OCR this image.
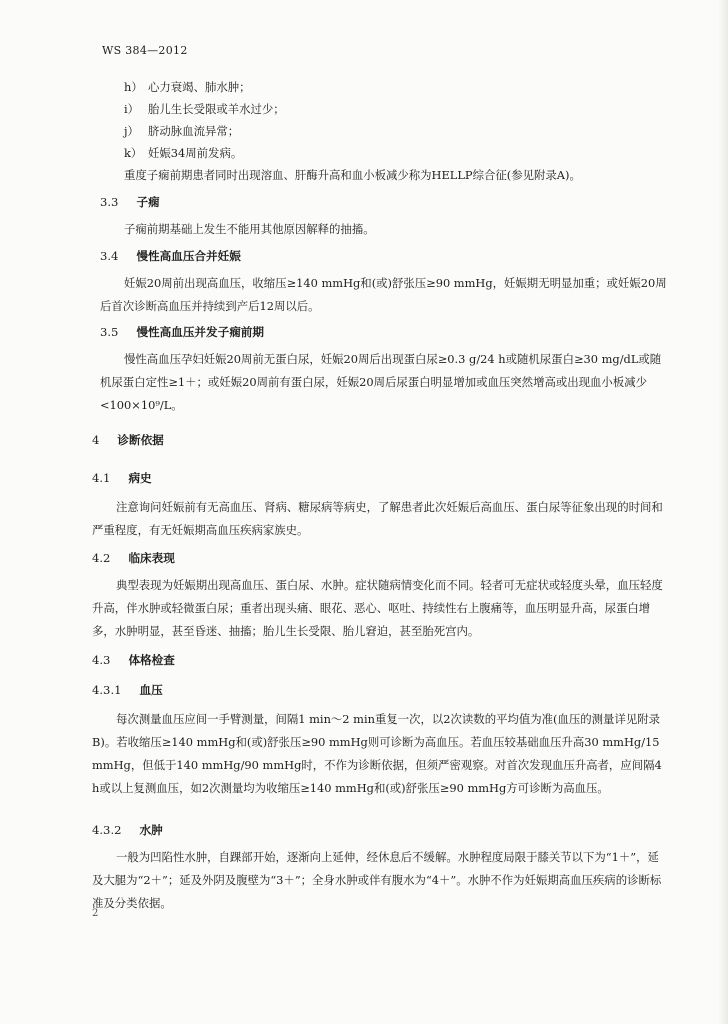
WS 384—2012
h） 心力衰竭、肺水肿；
i） 胎儿生长受限或羊水过少；
j） 脐动脉血流异常；
k） 妊娠34周前发病。
重度子痫前期患者同时出现溶血、肝酶升高和血小板减少称为HELLP综合征(参见附录A)。
3.3 子痫
子痫前期基础上发生不能用其他原因解释的抽搐。
3.4 慢性高血压合并妊娠
妊娠20周前出现高血压，收缩压≥140 mmHg和(或)舒张压≥90 mmHg，妊娠期无明显加重；或妊娠20周后首次诊断高血压并持续到产后12周以后。
3.5 慢性高血压并发子痫前期
慢性高血压孕妇妊娠20周前无蛋白尿，妊娠20周后出现蛋白尿≥0.3 g/24 h或随机尿蛋白≥30 mg/dL或随机尿蛋白定性≥1＋；或妊娠20周前有蛋白尿，妊娠20周后尿蛋白明显增加或血压突然增高或出现血小板减少<100×10⁹/L。
4 诊断依据
4.1 病史
注意询问妊娠前有无高血压、肾病、糖尿病等病史，了解患者此次妊娠后高血压、蛋白尿等征象出现的时间和严重程度，有无妊娠期高血压疾病家族史。
4.2 临床表现
典型表现为妊娠期出现高血压、蛋白尿、水肿。症状随病情变化而不同。轻者可无症状或轻度头晕，血压轻度升高，伴水肿或轻微蛋白尿；重者出现头痛、眼花、恶心、呕吐、持续性右上腹痛等，血压明显升高，尿蛋白增多，水肿明显，甚至昏迷、抽搐；胎儿生长受限、胎儿窘迫，甚至胎死宫内。
4.3 体格检查
4.3.1 血压
每次测量血压应间一手臂测量，间隔1 min～2 min重复一次，以2次读数的平均值为准(血压的测量详见附录B)。若收缩压≥140 mmHg和(或)舒张压≥90 mmHg则可诊断为高血压。若血压较基础血压升高30 mmHg/15 mmHg，但低于140 mmHg/90 mmHg时，不作为诊断依据，但须严密观察。对首次发现血压升高者，应间隔4 h或以上复测血压，如2次测量均为收缩压≥140 mmHg和(或)舒张压≥90 mmHg方可诊断为高血压。
4.3.2 水肿
一般为凹陷性水肿，自踝部开始，逐渐向上延伸，经休息后不缓解。水肿程度局限于膝关节以下为“1＋”，延及大腿为“2＋”；延及外阴及腹壁为“3＋”；全身水肿或伴有腹水为“4＋”。水肿不作为妊娠期高血压疾病的诊断标准及分类依据。
2
